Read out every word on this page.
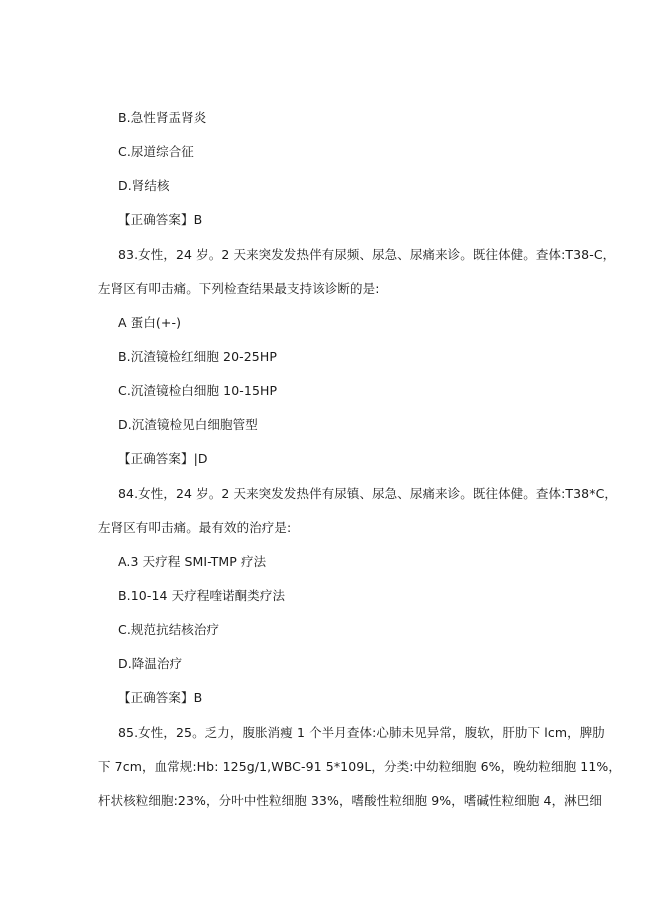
B.急性肾盂肾炎
C.尿道综合征
D.肾结核
【正确答案】B
83.女性，24 岁。2 天来突发发热伴有尿频、尿急、尿痛来诊。既往体健。查体:T38-C，
左肾区有叩击痛。下列检查结果最支持该诊断的是:
A 蛋白(+-)
B.沉渣镜检红细胞 20-25HP
C.沉渣镜检白细胞 10-15HP
D.沉渣镜检见白细胞管型
【正确答案】|D
84.女性，24 岁。2 天来突发发热伴有尿镇、尿急、尿痛来诊。既往体健。查体:T38*C，
左肾区有叩击痛。最有效的治疗是:
A.3 天疗程 SMI-TMP 疗法
B.10-14 天疗程喹诺酮类疗法
C.规范抗结核治疗
D.降温治疗
【正确答案】B
85.女性，25。乏力，腹胀消瘦 1 个半月查体:心肺未见异常，腹软，肝肋下 lcm，脾肋
下 7cm，血常规:Hb: 125g/1,WBC-91 5*109L，分类:中幼粒细胞 6%，晚幼粒细胞 11%，
杆状核粒细胞:23%，分叶中性粒细胞 33%，嗜酸性粒细胞 9%，嗜碱性粒细胞 4，淋巴细
